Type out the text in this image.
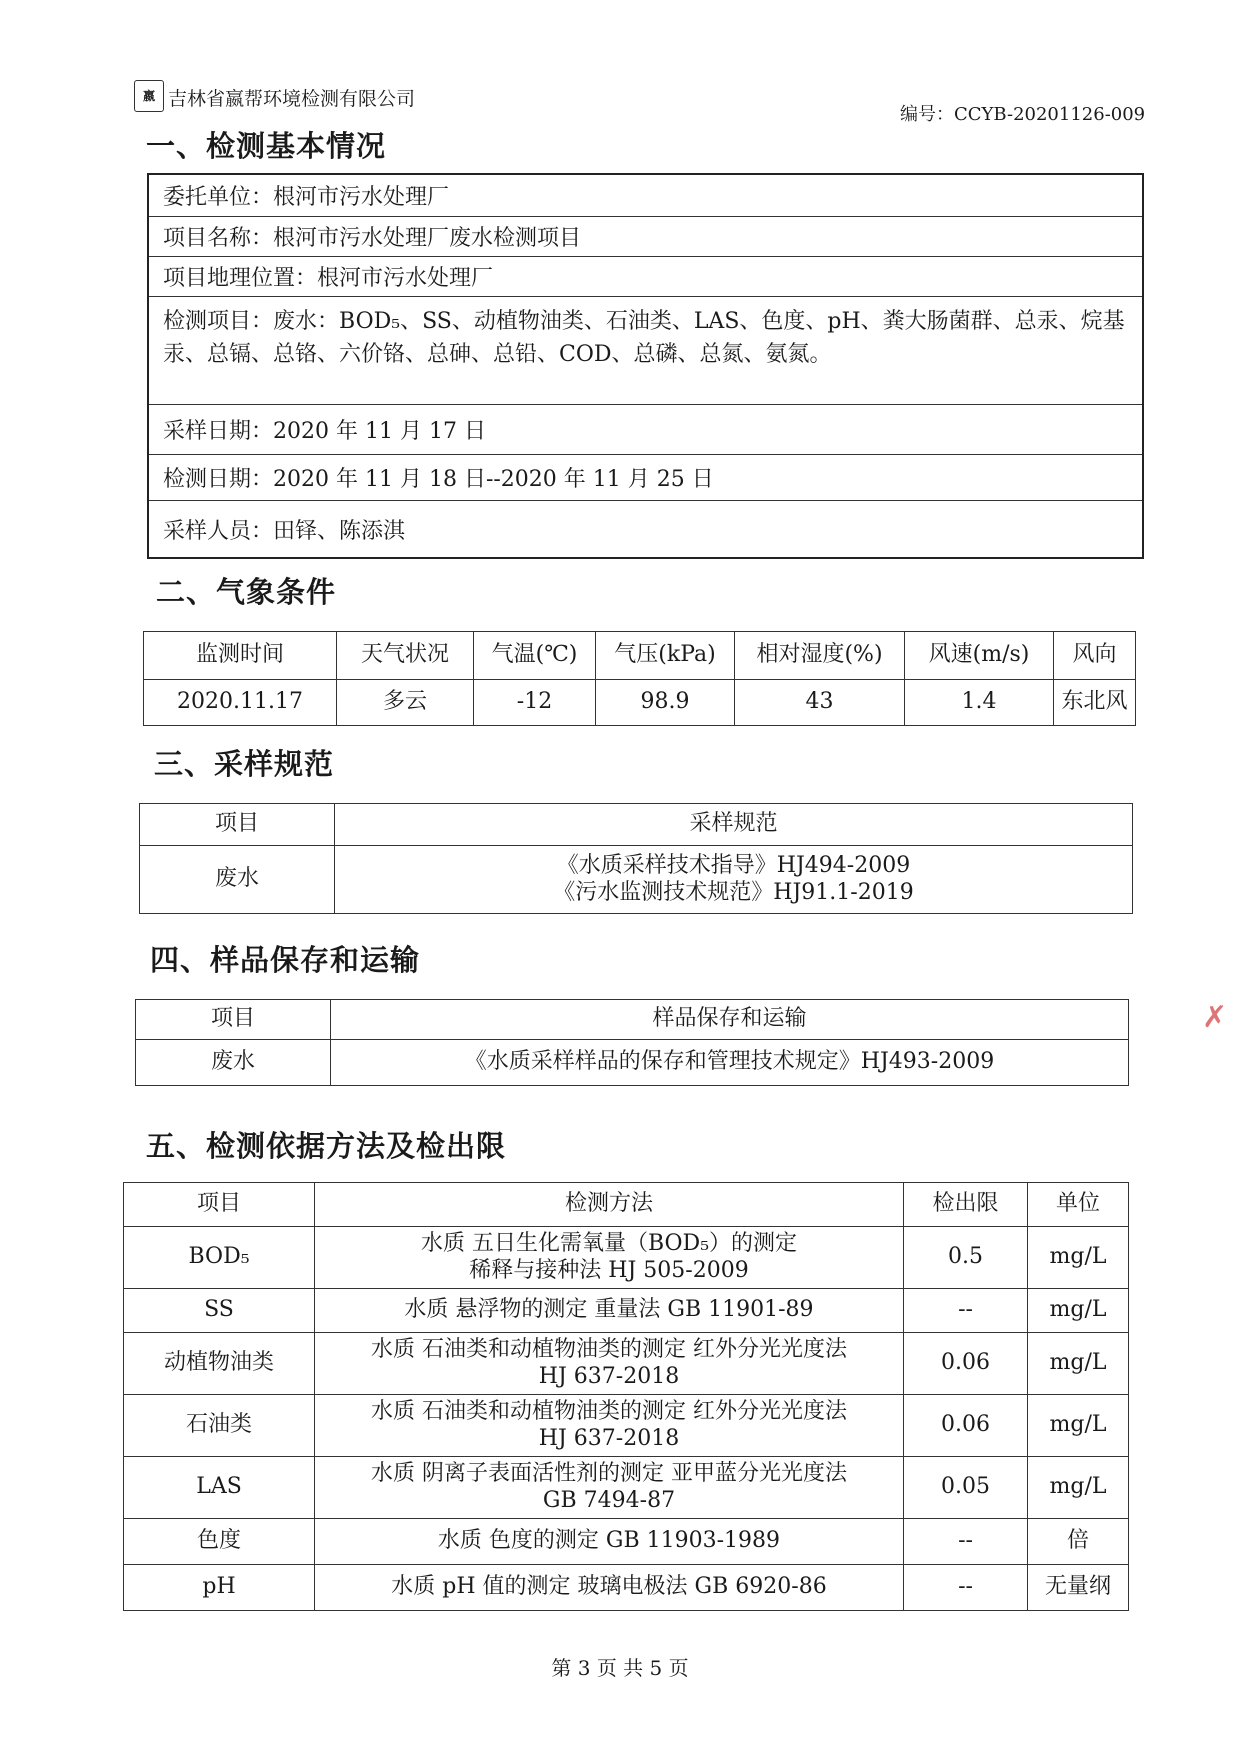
嬴 吉林省嬴帮环境检测有限公司
编号：CCYB-20201126-009
一、检测基本情况
委托单位：根河市污水处理厂
项目名称：根河市污水处理厂废水检测项目
项目地理位置：根河市污水处理厂
检测项目：废水：BOD₅、SS、动植物油类、石油类、LAS、色度、pH、粪大肠菌群、总汞、烷基汞、总镉、总铬、六价铬、总砷、总铅、COD、总磷、总氮、氨氮。
采样日期：2020 年 11 月 17 日
检测日期：2020 年 11 月 18 日--2020 年 11 月 25 日
采样人员：田铎、陈添淇
二、气象条件
监测时间	天气状况	气温(℃)	气压(kPa)	相对湿度(%)	风速(m/s)	风向
2020.11.17	多云	-12	98.9	43	1.4	东北风
三、采样规范
项目	采样规范
废水	《水质采样技术指导》HJ494-2009
《污水监测技术规范》HJ91.1-2019
四、样品保存和运输
项目	样品保存和运输
废水	《水质采样样品的保存和管理技术规定》HJ493-2009
五、检测依据方法及检出限
项目	检测方法	检出限	单位
BOD₅	水质 五日生化需氧量（BOD₅）的测定
稀释与接种法 HJ 505-2009	0.5	mg/L
SS	水质 悬浮物的测定 重量法 GB 11901-89	--	mg/L
动植物油类	水质 石油类和动植物油类的测定 红外分光光度法
HJ 637-2018	0.06	mg/L
石油类	水质 石油类和动植物油类的测定 红外分光光度法
HJ 637-2018	0.06	mg/L
LAS	水质 阴离子表面活性剂的测定 亚甲蓝分光光度法
GB 7494-87	0.05	mg/L
色度	水质 色度的测定 GB 11903-1989	--	倍
pH	水质 pH 值的测定 玻璃电极法 GB 6920-86	--	无量纲
✗
第 3 页 共 5 页
